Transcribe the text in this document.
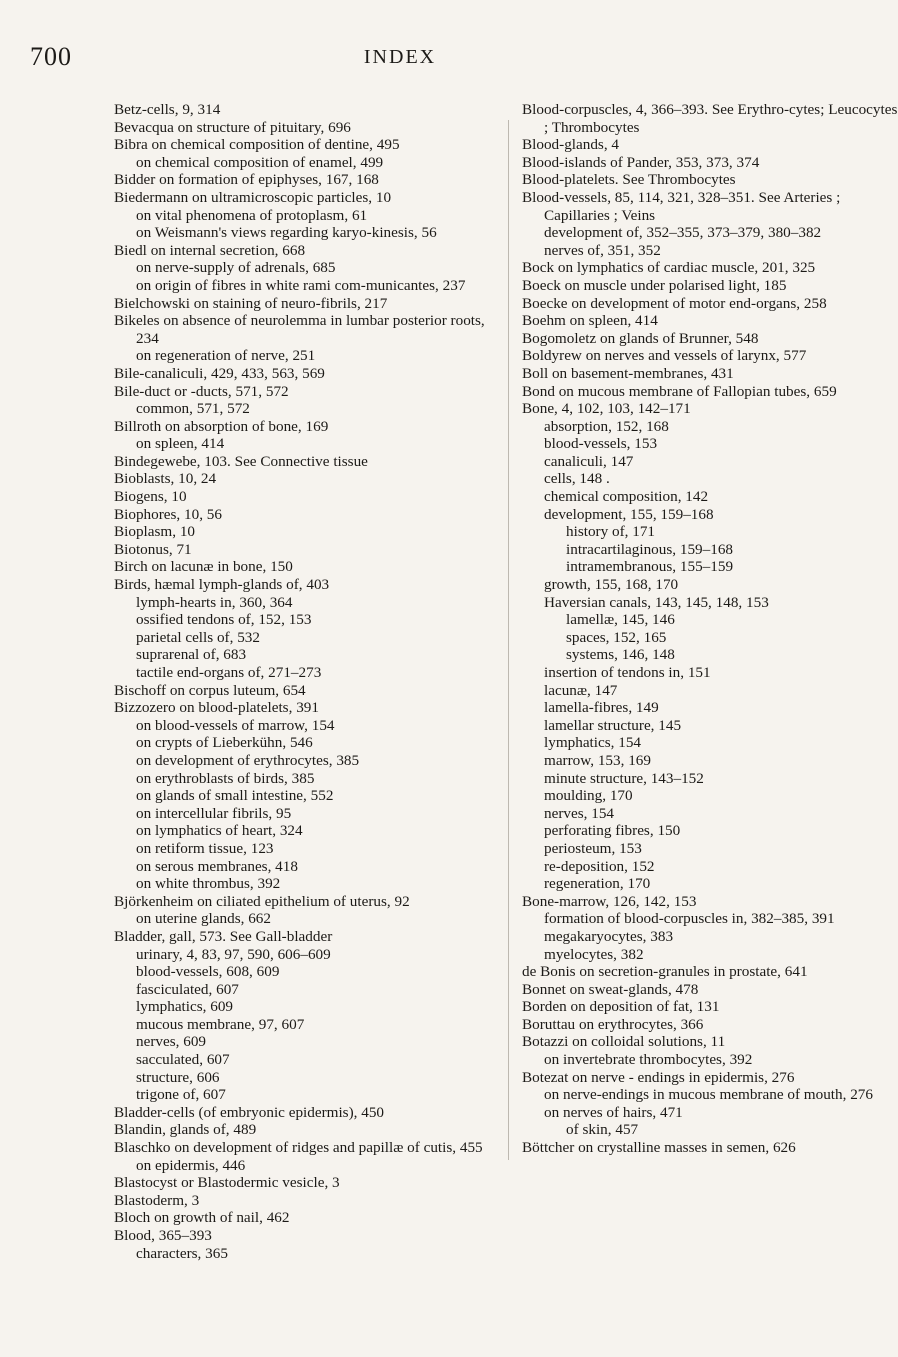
700	INDEX

Betz-cells, 9, 314

Bevacqua on structure of pituitary, 696

Bibra on chemical composition of dentine, 495

on chemical composition of enamel, 499

Bidder on formation of epiphyses, 167, 168

Biedermann on ultramicroscopic particles, 10

on vital phenomena of protoplasm, 61

on Weismann's views regarding karyo-kinesis, 56

Biedl on internal secretion, 668

on nerve-supply of adrenals, 685

on origin of fibres in white rami com-municantes, 237

Bielchowski on staining of neuro-fibrils, 217

Bikeles on absence of neurolemma in lumbar posterior roots, 234

on regeneration of nerve, 251

Bile-canaliculi, 429, 433, 563, 569

Bile-duct or -ducts, 571, 572

common, 571, 572

Billroth on absorption of bone, 169

on spleen, 414

Bindegewebe, 103. See Connective tissue

Bioblasts, 10, 24

Biogens, 10

Biophores, 10, 56

Bioplasm, 10

Biotonus, 71

Birch on lacunæ in bone, 150

Birds, hæmal lymph-glands of, 403

lymph-hearts in, 360, 364

ossified tendons of, 152, 153

parietal cells of, 532

suprarenal of, 683

tactile end-organs of, 271–273

Bischoff on corpus luteum, 654

Bizzozero on blood-platelets, 391

on blood-vessels of marrow, 154

on crypts of Lieberkühn, 546

on development of erythrocytes, 385

on erythroblasts of birds, 385

on glands of small intestine, 552

on intercellular fibrils, 95

on lymphatics of heart, 324

on retiform tissue, 123

on serous membranes, 418

on white thrombus, 392

Björkenheim on ciliated epithelium of uterus, 92

on uterine glands, 662

Bladder, gall, 573. See Gall-bladder

urinary, 4, 83, 97, 590, 606–609

blood-vessels, 608, 609

fasciculated, 607

lymphatics, 609

mucous membrane, 97, 607

nerves, 609

sacculated, 607

structure, 606

trigone of, 607

Bladder-cells (of embryonic epidermis), 450

Blandin, glands of, 489

Blaschko on development of ridges and papillæ of cutis, 455

on epidermis, 446

Blastocyst or Blastodermic vesicle, 3

Blastoderm, 3

Bloch on growth of nail, 462

Blood, 365–393

characters, 365

Blood-corpuscles, 4, 366–393. See Erythro-cytes; Leucocytes ; Thrombocytes

Blood-glands, 4

Blood-islands of Pander, 353, 373, 374

Blood-platelets. See Thrombocytes

Blood-vessels, 85, 114, 321, 328–351. See Arteries ; Capillaries ; Veins

development of, 352–355, 373–379, 380–382

nerves of, 351, 352

Bock on lymphatics of cardiac muscle, 201, 325

Boeck on muscle under polarised light, 185

Boecke on development of motor end-organs, 258

Boehm on spleen, 414

Bogomoletz on glands of Brunner, 548

Boldyrew on nerves and vessels of larynx, 577

Boll on basement-membranes, 431

Bond on mucous membrane of Fallopian tubes, 659

Bone, 4, 102, 103, 142–171

absorption, 152, 168

blood-vessels, 153

canaliculi, 147

cells, 148 .

chemical composition, 142

development, 155, 159–168

history of, 171

intracartilaginous, 159–168

intramembranous, 155–159

growth, 155, 168, 170

Haversian canals, 143, 145, 148, 153

lamellæ, 145, 146

spaces, 152, 165

systems, 146, 148

insertion of tendons in, 151

lacunæ, 147

lamella-fibres, 149

lamellar structure, 145

lymphatics, 154

marrow, 153, 169

minute structure, 143–152

moulding, 170

nerves, 154

perforating fibres, 150

periosteum, 153

re-deposition, 152

regeneration, 170

Bone-marrow, 126, 142, 153

formation of blood-corpuscles in, 382–385, 391

megakaryocytes, 383

myelocytes, 382

de Bonis on secretion-granules in prostate, 641

Bonnet on sweat-glands, 478

Borden on deposition of fat, 131

Boruttau on erythrocytes, 366

Botazzi on colloidal solutions, 11

on invertebrate thrombocytes, 392

Botezat on nerve - endings in epidermis, 276

on nerve-endings in mucous membrane of mouth, 276

on nerves of hairs, 471

of skin, 457

Böttcher on crystalline masses in semen, 626
